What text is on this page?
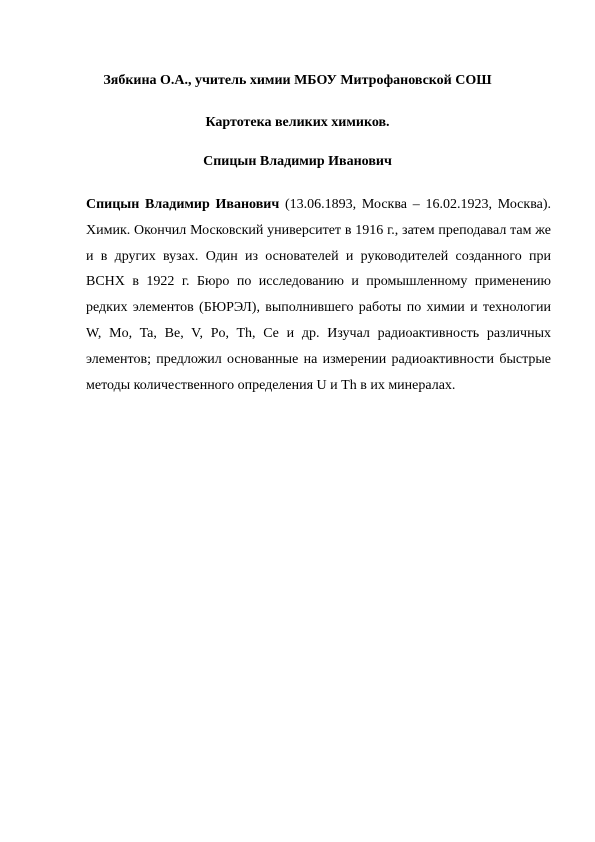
Зябкина О.А., учитель химии МБОУ Митрофановской СОШ
Картотека великих химиков.
Спицын Владимир Иванович

Спицын Владимир Иванович (13.06.1893, Москва – 16.02.1923, Москва). Химик. Окончил Московский университет в 1916 г., затем преподавал там же и в других вузах. Один из основателей и руководителей созданного при ВСНХ в 1922 г. Бюро по исследованию и промышленному применению редких элементов (БЮРЭЛ), выполнившего работы по химии и технологии W, Mo, Ta, Be, V, Po, Th, Ce и др. Изучал радиоактивность различных элементов; предложил основанные на измерении радиоактивности быстрые методы количественного определения U и Th в их минералах.
